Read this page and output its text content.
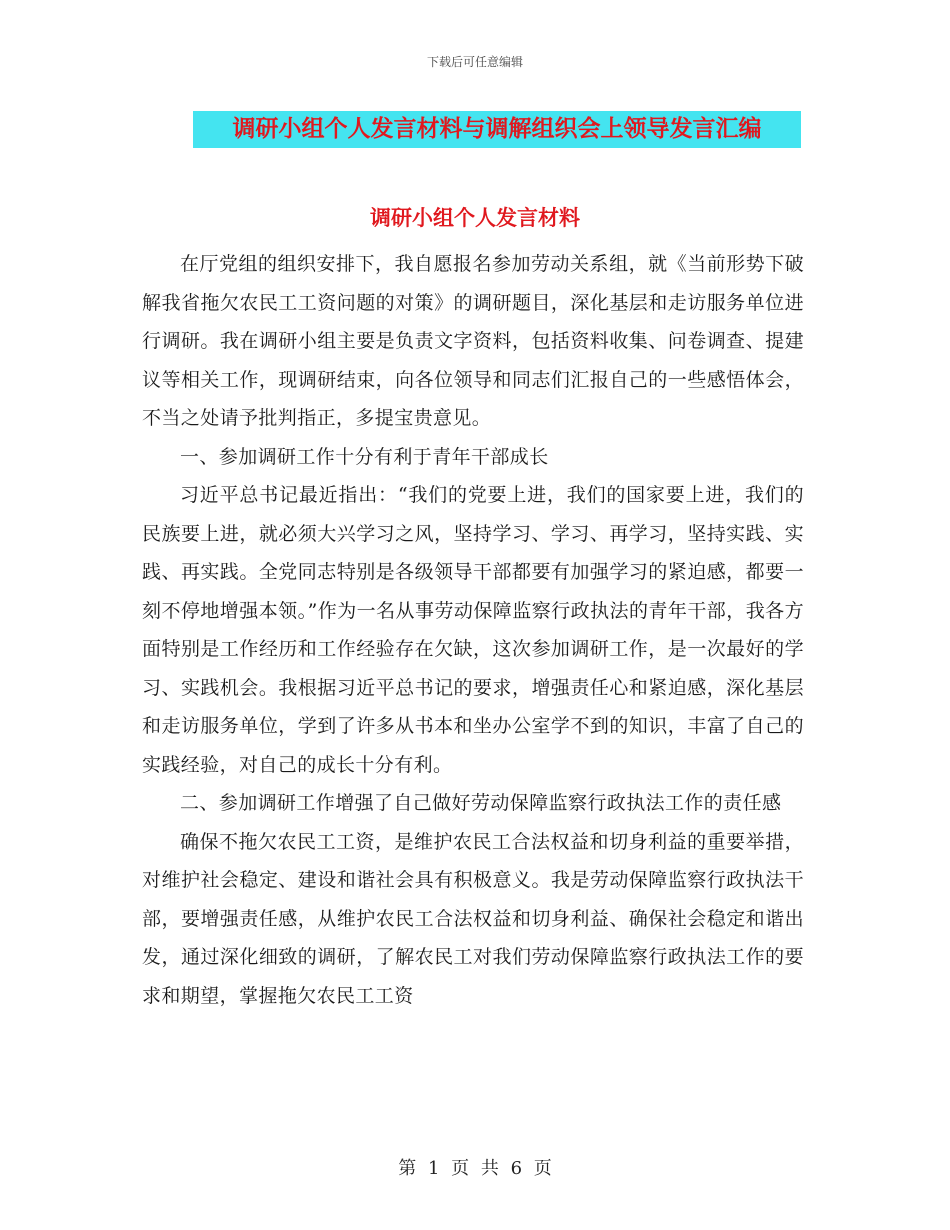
下载后可任意编辑
调研小组个人发言材料与调解组织会上领导发言汇编
调研小组个人发言材料

在厅党组的组织安排下，我自愿报名参加劳动关系组，就《当前形势下破解我省拖欠农民工工资问题的对策》的调研题目，深化基层和走访服务单位进行调研。我在调研小组主要是负责文字资料，包括资料收集、问卷调查、提建议等相关工作，现调研结束，向各位领导和同志们汇报自己的一些感悟体会，不当之处请予批判指正，多提宝贵意见。

一、参加调研工作十分有利于青年干部成长

习近平总书记最近指出：“我们的党要上进，我们的国家要上进，我们的民族要上进，就必须大兴学习之风，坚持学习、学习、再学习，坚持实践、实践、再实践。全党同志特别是各级领导干部都要有加强学习的紧迫感，都要一刻不停地增强本领。”作为一名从事劳动保障监察行政执法的青年干部，我各方面特别是工作经历和工作经验存在欠缺，这次参加调研工作，是一次最好的学习、实践机会。我根据习近平总书记的要求，增强责任心和紧迫感，深化基层和走访服务单位，学到了许多从书本和坐办公室学不到的知识，丰富了自己的实践经验，对自己的成长十分有利。

二、参加调研工作增强了自己做好劳动保障监察行政执法工作的责任感

确保不拖欠农民工工资，是维护农民工合法权益和切身利益的重要举措，对维护社会稳定、建设和谐社会具有积极意义。我是劳动保障监察行政执法干部，要增强责任感，从维护农民工合法权益和切身利益、确保社会稳定和谐出发，通过深化细致的调研，了解农民工对我们劳动保障监察行政执法工作的要求和期望，掌握拖欠农民工工资

第 1 页 共 6 页
